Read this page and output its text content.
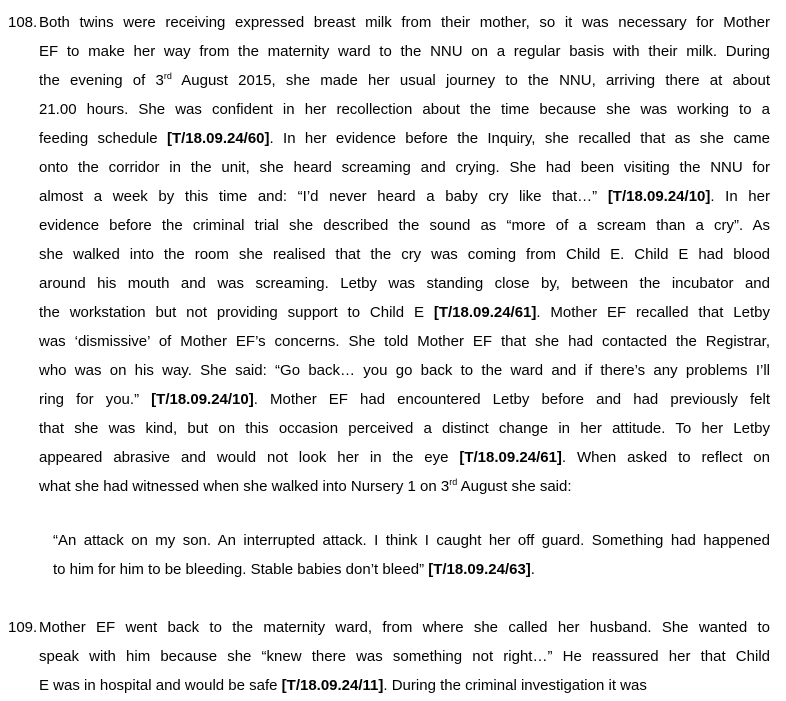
108. Both twins were receiving expressed breast milk from their mother, so it was necessary for Mother
EF to make her way from the maternity ward to the NNU on a regular basis with their milk. During
the evening of 3rd August 2015, she made her usual journey to the NNU, arriving there at about
21.00 hours. She was confident in her recollection about the time because she was working to a
feeding schedule [T/18.09.24/60]. In her evidence before the Inquiry, she recalled that as she came
onto the corridor in the unit, she heard screaming and crying. She had been visiting the NNU for
almost a week by this time and: “I’d never heard a baby cry like that…” [T/18.09.24/10]. In her
evidence before the criminal trial she described the sound as “more of a scream than a cry”. As
she walked into the room she realised that the cry was coming from Child E. Child E had blood
around his mouth and was screaming. Letby was standing close by, between the incubator and
the workstation but not providing support to Child E [T/18.09.24/61]. Mother EF recalled that Letby
was ‘dismissive’ of Mother EF’s concerns. She told Mother EF that she had contacted the Registrar,
who was on his way. She said: “Go back… you go back to the ward and if there’s any problems I’ll
ring for you.” [T/18.09.24/10]. Mother EF had encountered Letby before and had previously felt
that she was kind, but on this occasion perceived a distinct change in her attitude. To her Letby
appeared abrasive and would not look her in the eye [T/18.09.24/61]. When asked to reflect on
what she had witnessed when she walked into Nursery 1 on 3rd August she said:
“An attack on my son. An interrupted attack. I think I caught her off guard. Something had happened
to him for him to be bleeding. Stable babies don’t bleed” [T/18.09.24/63].
109. Mother EF went back to the maternity ward, from where she called her husband. She wanted to
speak with him because she “knew there was something not right…” He reassured her that Child
E was in hospital and would be safe [T/18.09.24/11]. During the criminal investigation it was
